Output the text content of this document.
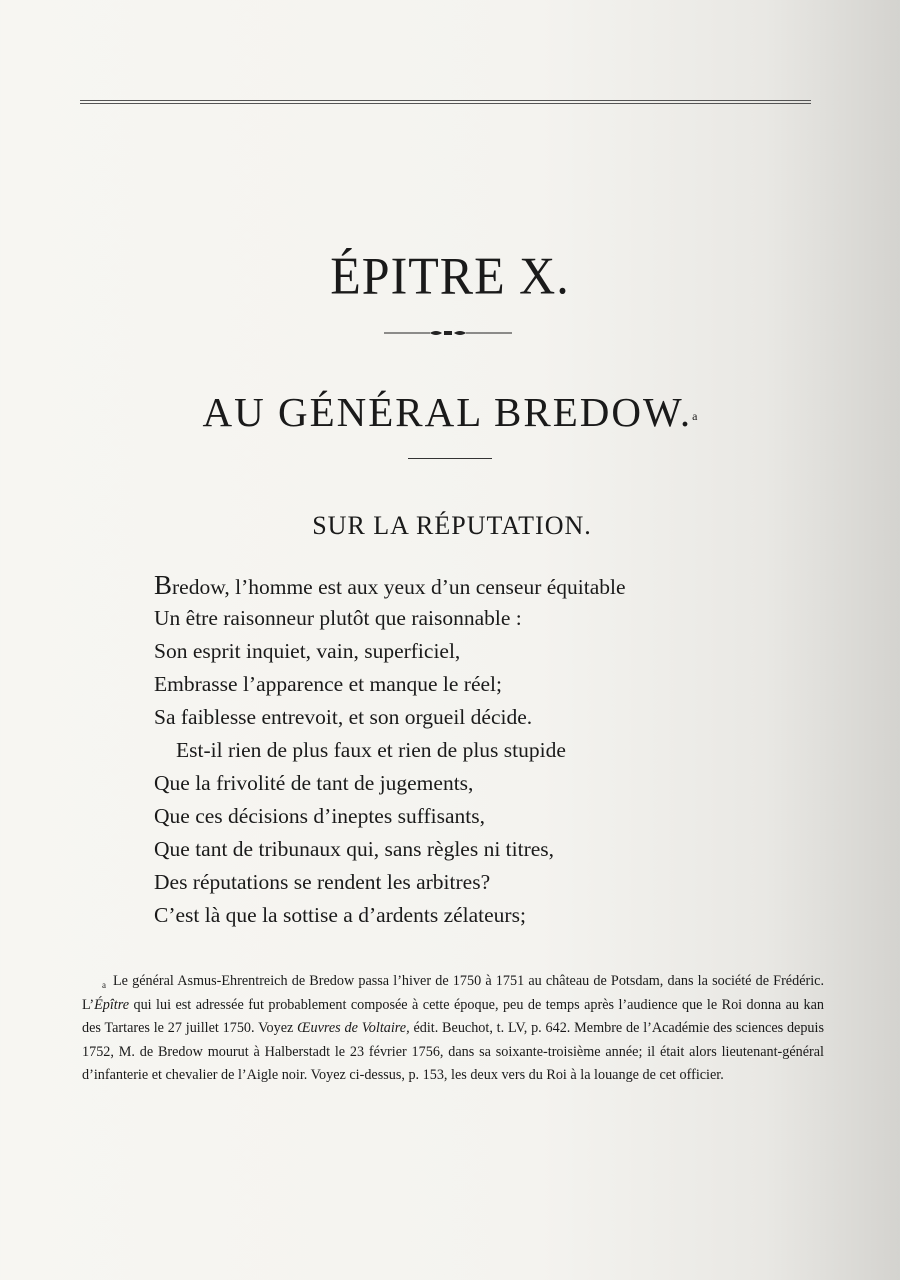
ÉPITRE X.
AU GÉNÉRAL BREDOW.$^a$
SUR LA RÉPUTATION.
Bredow, l’homme est aux yeux d’un censeur équitable
Un être raisonneur plutôt que raisonnable :
Son esprit inquiet, vain, superficiel,
Embrasse l’apparence et manque le réel;
Sa faiblesse entrevoit, et son orgueil décide.
Est-il rien de plus faux et rien de plus stupide
Que la frivolité de tant de jugements,
Que ces décisions d’ineptes suffisants,
Que tant de tribunaux qui, sans règles ni titres,
Des réputations se rendent les arbitres?
C’est là que la sottise a d’ardents zélateurs;

$^a$ Le général Asmus-Ehrentreich de Bredow passa l’hiver de 1750 à 1751 au château de Potsdam, dans la société de Frédéric. L’Épître qui lui est adressée fut probablement composée à cette époque, peu de temps après l’audience que le Roi donna au kan des Tartares le 27 juillet 1750. Voyez Œuvres de Voltaire, édit. Beuchot, t. LV, p. 642. Membre de l’Académie des sciences depuis 1752, M. de Bredow mourut à Halberstadt le 23 février 1756, dans sa soixante-troisième année; il était alors lieutenant-général d’infanterie et chevalier de l’Aigle noir. Voyez ci-dessus, p. 153, les deux vers du Roi à la louange de cet officier.
